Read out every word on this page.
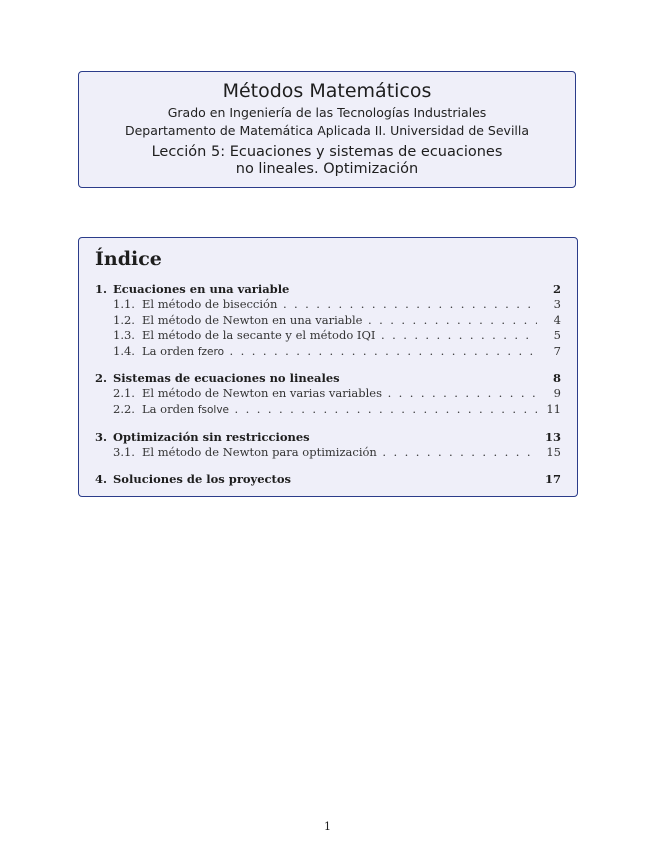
Métodos Matemáticos
Grado en Ingeniería de las Tecnologías Industriales
Departamento de Matemática Aplicada II. Universidad de Sevilla
Lección 5: Ecuaciones y sistemas de ecuaciones
no lineales. Optimización
Índice
1. Ecuaciones en una variable	2
1.1. El método de bisección . . .	3
1.2. El método de Newton en una variable . . .	4
1.3. El método de la secante y el método IQI . . .	5
1.4. La orden fzero . . .	7
2. Sistemas de ecuaciones no lineales	8
2.1. El método de Newton en varias variables . . .	9
2.2. La orden fsolve . . .	11
3. Optimización sin restricciones	13
3.1. El método de Newton para optimización . . .	15
4. Soluciones de los proyectos	17
1
